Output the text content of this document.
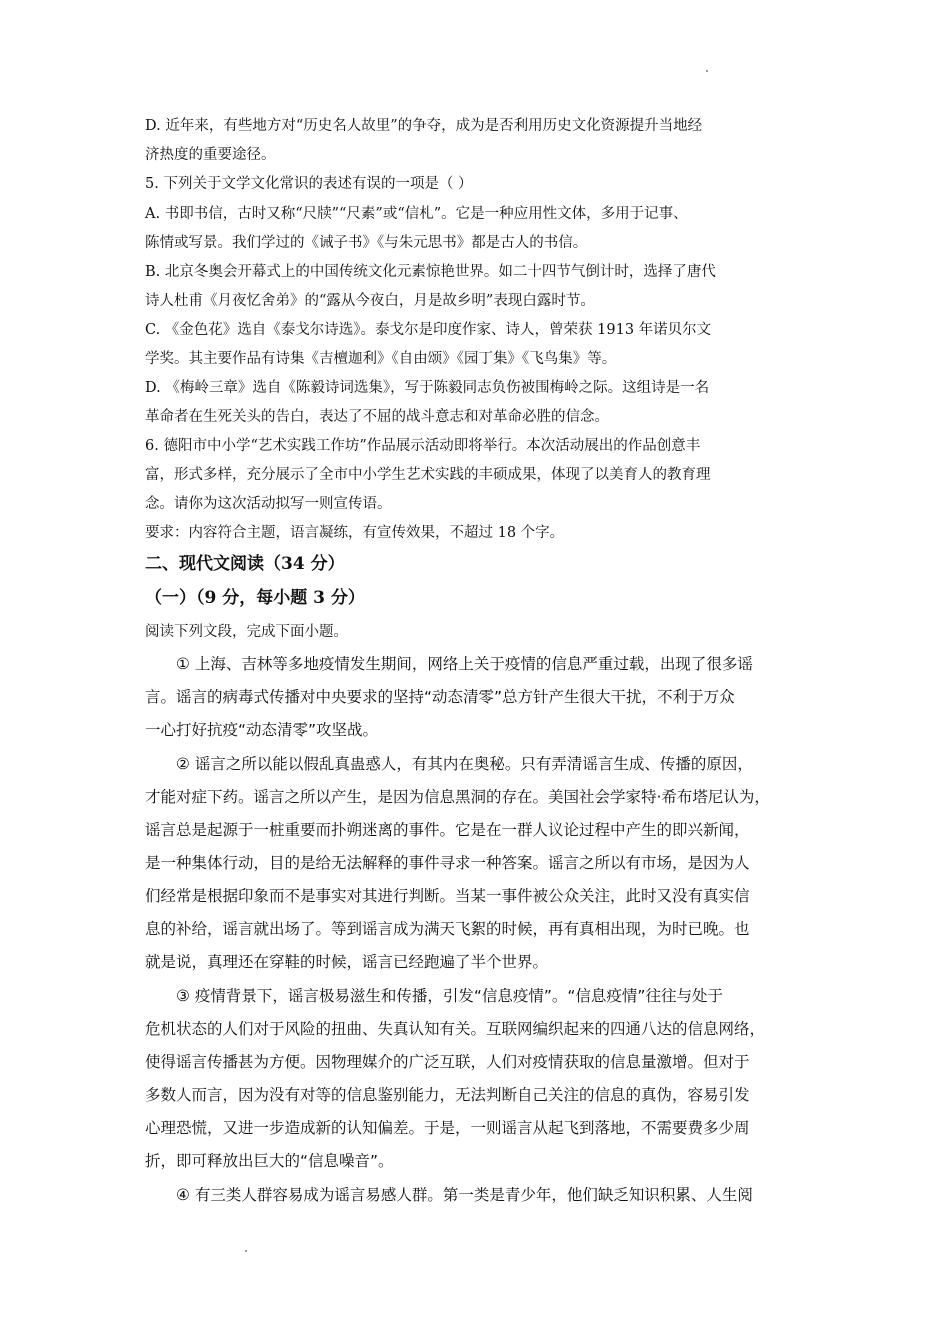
D. 近年来，有些地方对“历史名人故里”的争夺，成为是否利用历史文化资源提升当地经
济热度的重要途径。
5. 下列关于文学文化常识的表述有误的一项是（ ）
A. 书即书信，古时又称“尺牍”“尺素”或“信札”。它是一种应用性文体，多用于记事、
陈情或写景。我们学过的《诫子书》《与朱元思书》都是古人的书信。
B. 北京冬奥会开幕式上的中国传统文化元素惊艳世界。如二十四节气倒计时，选择了唐代
诗人杜甫《月夜忆舍弟》的“露从今夜白，月是故乡明”表现白露时节。
C. 《金色花》选自《泰戈尔诗选》。泰戈尔是印度作家、诗人，曾荣获 1913 年诺贝尔文
学奖。其主要作品有诗集《吉檀迦利》《自由颂》《园丁集》《飞鸟集》等。
D. 《梅岭三章》选自《陈毅诗词选集》，写于陈毅同志负伤被围梅岭之际。这组诗是一名
革命者在生死关头的告白，表达了不屈的战斗意志和对革命必胜的信念。
6. 德阳市中小学“艺术实践工作坊”作品展示活动即将举行。本次活动展出的作品创意丰
富，形式多样，充分展示了全市中小学生艺术实践的丰硕成果，体现了以美育人的教育理
念。请你为这次活动拟写一则宣传语。
要求：内容符合主题，语言凝练，有宣传效果，不超过 18 个字。
二、现代文阅读（34 分）
（一）（9 分，每小题 3 分）
阅读下列文段，完成下面小题。
① 上海、吉林等多地疫情发生期间，网络上关于疫情的信息严重过载，出现了很多谣
言。谣言的病毒式传播对中央要求的坚持“动态清零”总方针产生很大干扰，不利于万众
一心打好抗疫“动态清零”攻坚战。
② 谣言之所以能以假乱真蛊惑人，有其内在奥秘。只有弄清谣言生成、传播的原因，
才能对症下药。谣言之所以产生，是因为信息黑洞的存在。美国社会学家特·希布塔尼认为，
谣言总是起源于一桩重要而扑朔迷离的事件。它是在一群人议论过程中产生的即兴新闻，
是一种集体行动，目的是给无法解释的事件寻求一种答案。谣言之所以有市场，是因为人
们经常是根据印象而不是事实对其进行判断。当某一事件被公众关注，此时又没有真实信
息的补给，谣言就出场了。等到谣言成为满天飞絮的时候，再有真相出现，为时已晚。也
就是说，真理还在穿鞋的时候，谣言已经跑遍了半个世界。
③ 疫情背景下，谣言极易滋生和传播，引发“信息疫情”。“信息疫情”往往与处于
危机状态的人们对于风险的扭曲、失真认知有关。互联网编织起来的四通八达的信息网络，
使得谣言传播甚为方便。因物理媒介的广泛互联，人们对疫情获取的信息量激增。但对于
多数人而言，因为没有对等的信息鉴别能力，无法判断自己关注的信息的真伪，容易引发
心理恐慌，又进一步造成新的认知偏差。于是，一则谣言从起飞到落地，不需要费多少周
折，即可释放出巨大的“信息噪音”。
④ 有三类人群容易成为谣言易感人群。第一类是青少年，他们缺乏知识积累、人生阅
